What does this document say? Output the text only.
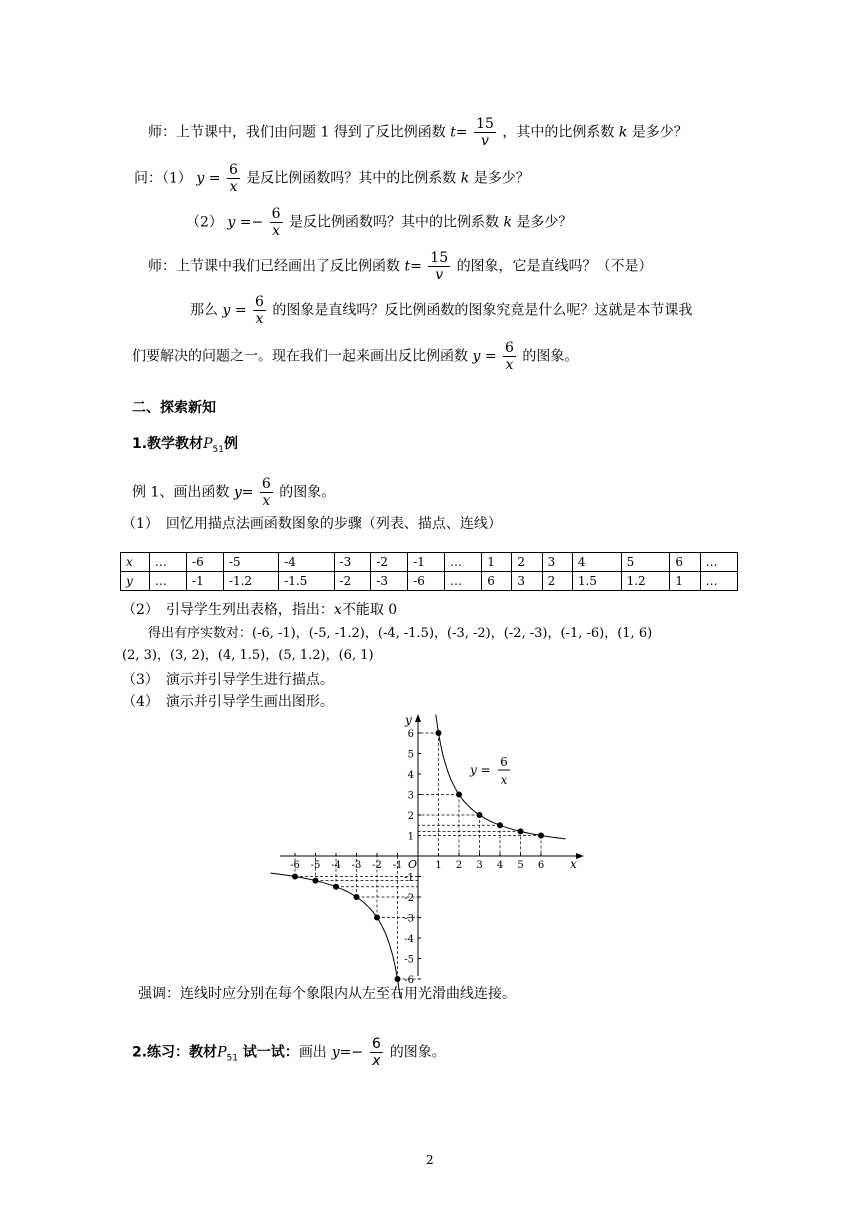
师：上节课中，我们由问题 1 得到了反比例函数 $t= \frac{15}{v}$ ，其中的比例系数 k 是多少？
问：（1） $y = \frac{6}{x}$ 是反比例函数吗？其中的比例系数 k 是多少？
（2） $y =- \frac{6}{x}$ 是反比例函数吗？其中的比例系数 k 是多少？
师：上节课中我们已经画出了反比例函数 $t= \frac{15}{v}$ 的图象，它是直线吗？（不是）
那么 $y = \frac{6}{x}$ 的图象是直线吗？反比例函数的图象究竟是什么呢？这就是本节课我
们要解决的问题之一。现在我们一起来画出反比例函数 $y = \frac{6}{x}$ 的图象。
二、探索新知
1.教学教材$P_{51}$例
例 1、画出函数 $y= \frac{6}{x}$ 的图象。
（1）　回忆用描点法画函数图象的步骤（列表、描点、连线）
x	…	-6	-5	-4	-3	-2	-1	…	1	2	3	4	5	6	…
y	…	-1	-1.2	-1.5	-2	-3	-6	…	6	3	2	1.5	1.2	1	…
（2）　引导学生列出表格，指出：x不能取 0
得出有序实数对：(-6, -1)，(-5, -1.2)，(-4, -1.5)，(-3, -2)，(-2, -3)，(-1, -6)，(1, 6)
(2, 3)，(3, 2)，(4, 1.5)，(5, 1.2)，(6, 1)
（3）　演示并引导学生进行描点。
（4）　演示并引导学生画出图形。
x
y
O
-6 -5 -4 -3 -2 -1	1 2 3 4 5 6
6
5
4
3
2
1
-1
-2
-3
-4
-5
-6
y =
6
x
强调：连线时应分别在每个象限内从左至右用光滑曲线连接。
2.练习：教材$P_{51}$ 试一试：画出 $y=- \frac{6}{x}$ 的图象。
2
